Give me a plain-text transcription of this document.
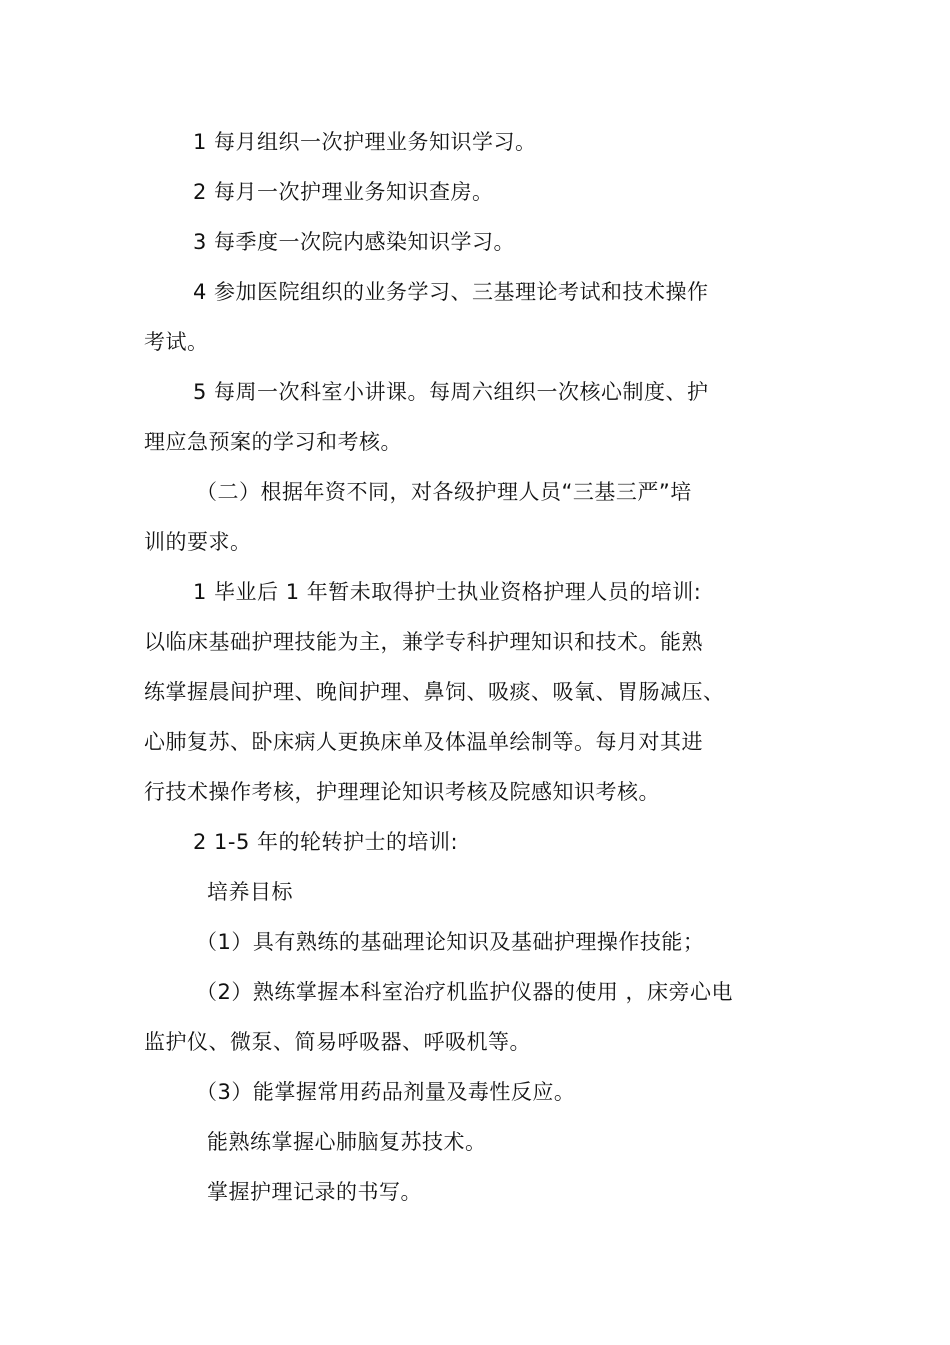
1 每月组织一次护理业务知识学习。
2 每月一次护理业务知识查房。
3 每季度一次院内感染知识学习。
4 参加医院组织的业务学习、三基理论考试和技术操作
考试。
5 每周一次科室小讲课。每周六组织一次核心制度、护
理应急预案的学习和考核。
（二）根据年资不同，对各级护理人员“三基三严”培
训的要求。
1 毕业后 1 年暂未取得护士执业资格护理人员的培训:
以临床基础护理技能为主，兼学专科护理知识和技术。能熟
练掌握晨间护理、晚间护理、鼻饲、吸痰、吸氧、胃肠减压、
心肺复苏、卧床病人更换床单及体温单绘制等。每月对其进
行技术操作考核，护理理论知识考核及院感知识考核。
2 1-5 年的轮转护士的培训:
培养目标
（1）具有熟练的基础理论知识及基础护理操作技能；
（2）熟练掌握本科室治疗机监护仪器的使用 ，床旁心电
监护仪、微泵、简易呼吸器、呼吸机等。
（3）能掌握常用药品剂量及毒性反应。
能熟练掌握心肺脑复苏技术。
掌握护理记录的书写。
